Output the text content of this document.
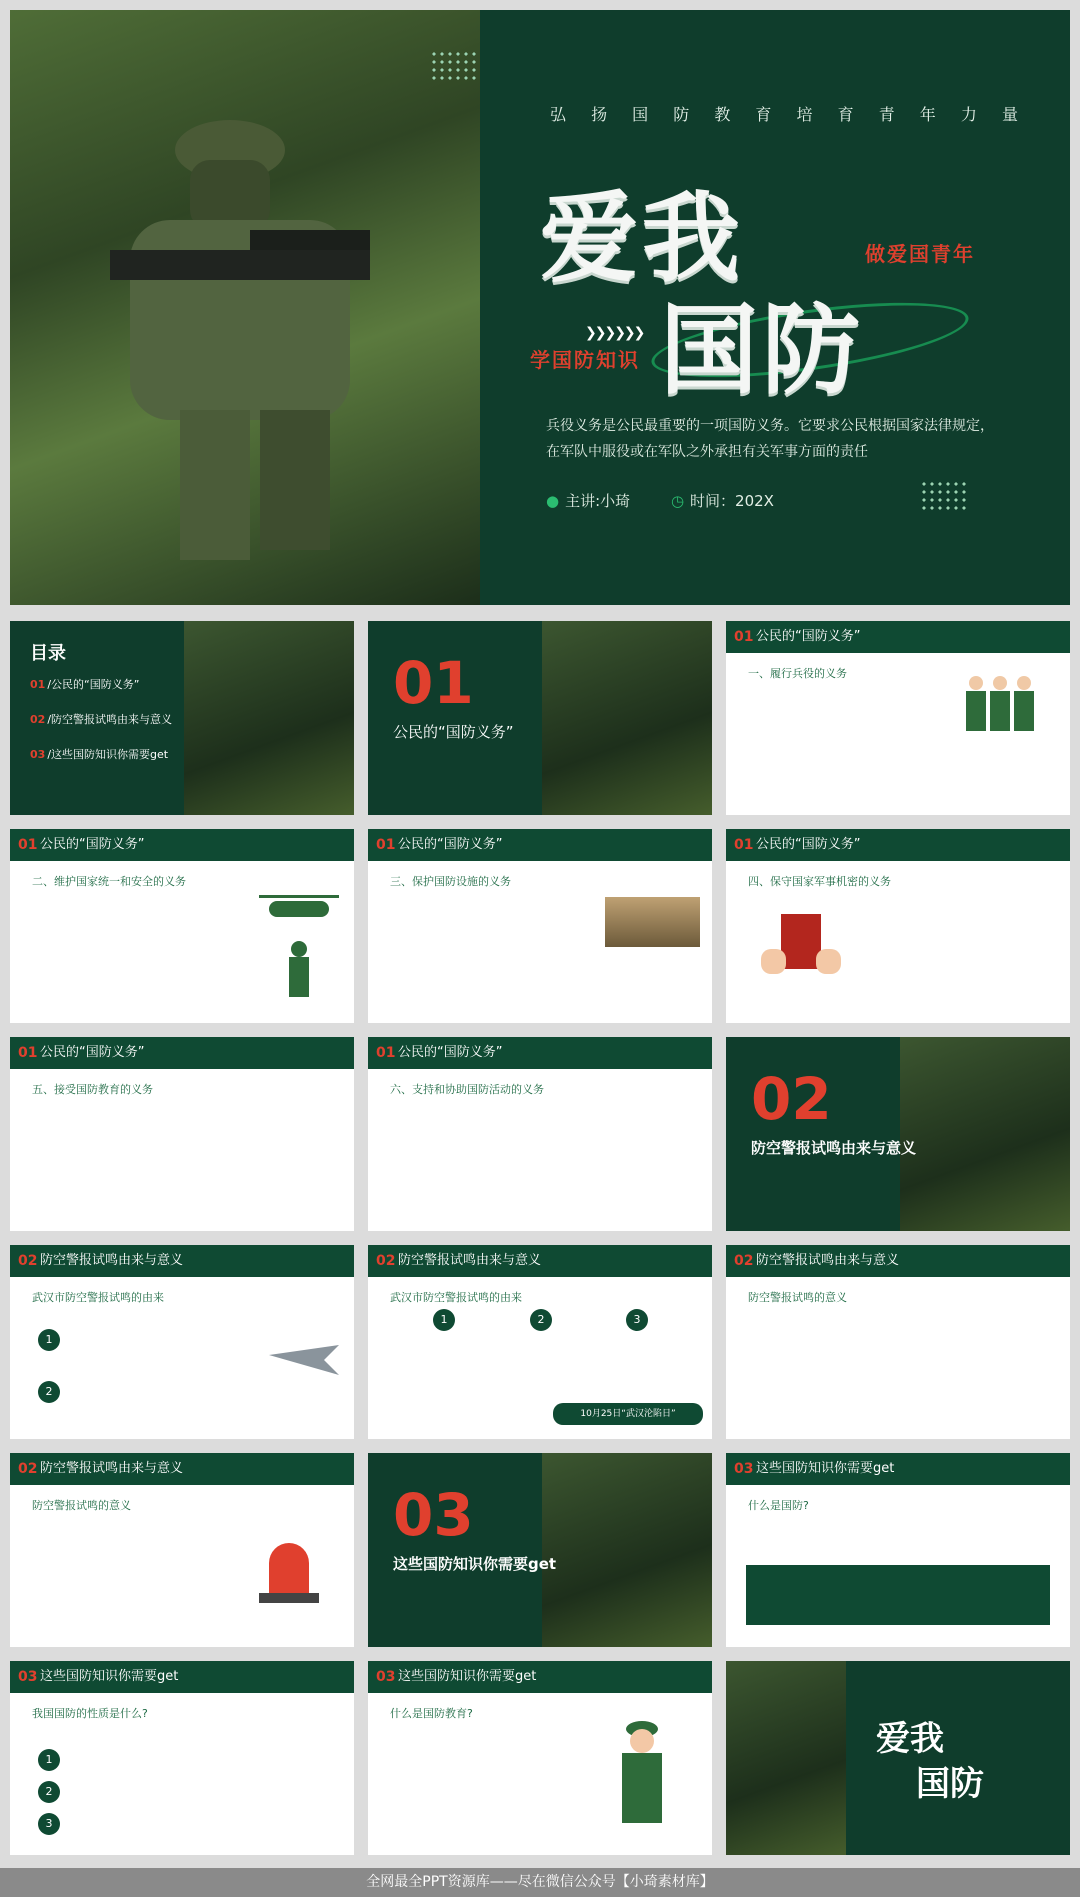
弘 扬 国 防 教 育 培 育 青 年 力 量
爱我	做爱国青年
国防
❯❯❯❯❯❯
学国防知识
兵役义务是公民最重要的一项国防义务。它要求公民根据国家法律规定，在军队中服役或在军队之外承担有关军事方面的责任
● 主讲:小琦	◷ 时间：202X
目录
01 /公民的“国防义务”
02 /防空警报试鸣由来与意义
03 /这些国防知识你需要get
01
公民的“国防义务”
01 公民的“国防义务”
一、履行兵役的义务
01 公民的“国防义务”
二、维护国家统一和安全的义务
01 公民的“国防义务”
三、保护国防设施的义务
01 公民的“国防义务”
四、保守国家军事机密的义务
01 公民的“国防义务”
五、接受国防教育的义务
01 公民的“国防义务”
六、支持和协助国防活动的义务	02
防空警报试鸣由来与意义
02 防空警报试鸣由来与意义
武汉市防空警报试鸣的由来
1
2
02 防空警报试鸣由来与意义
武汉市防空警报试鸣的由来
1	2	3
10月25日“武汉沦陷日”
02 防空警报试鸣由来与意义
防空警报试鸣的意义
02 防空警报试鸣由来与意义
防空警报试鸣的意义	03
这些国防知识你需要get
03 这些国防知识你需要get
什么是国防?
03 这些国防知识你需要get
我国国防的性质是什么?
1
2
3
03 这些国防知识你需要get
什么是国防教育?
爱我
国防
全网最全PPT资源库——尽在微信公众号【小琦素材库】
